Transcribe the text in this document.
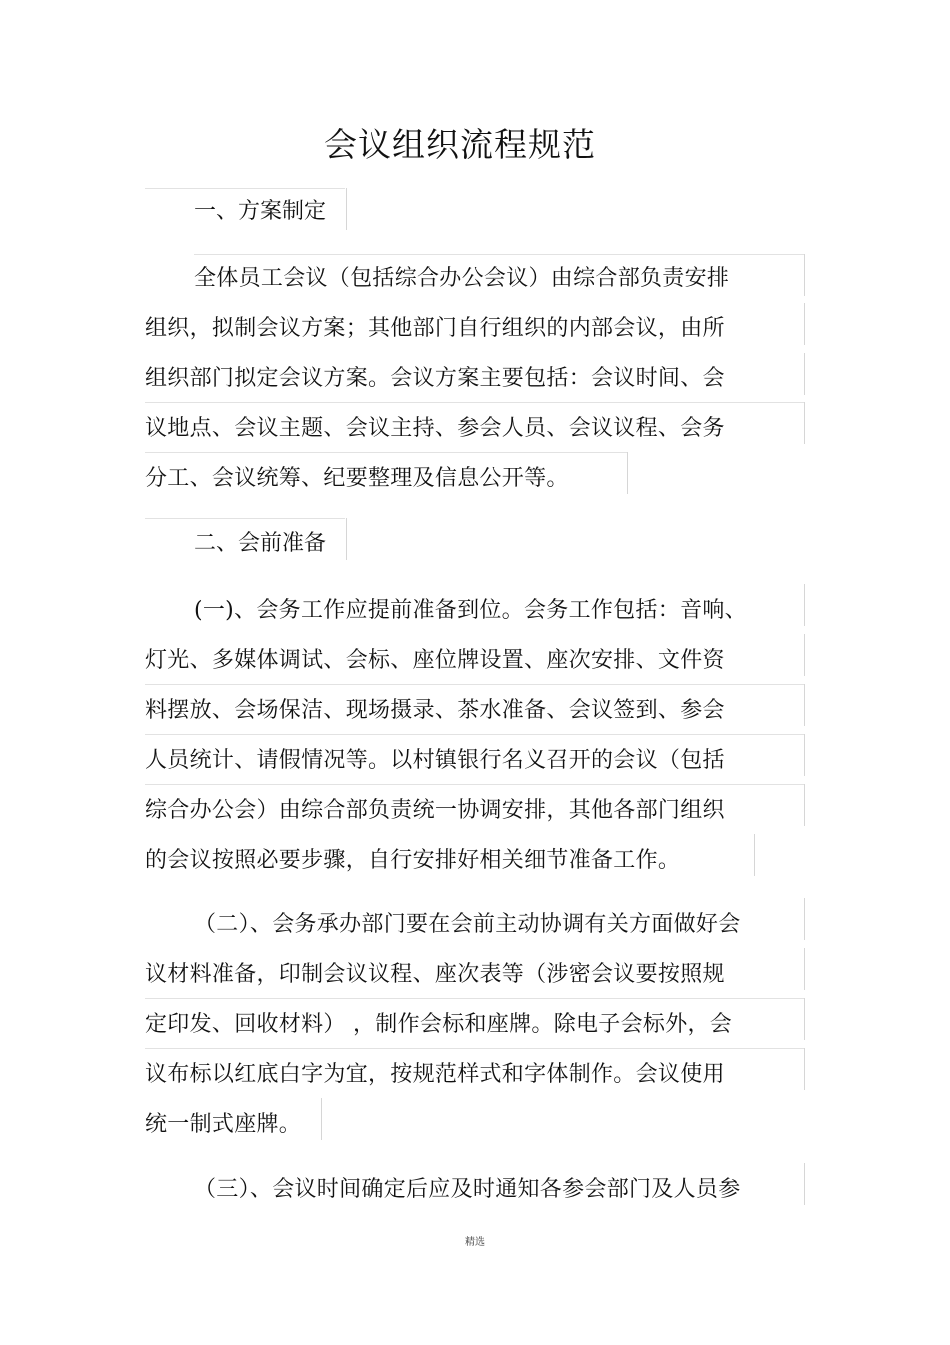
会议组织流程规范
一、方案制定
全体员工会议（包括综合办公会议）由综合部负责安排
组织，拟制会议方案；其他部门自行组织的内部会议，由所
组织部门拟定会议方案。会议方案主要包括：会议时间、会
议地点、会议主题、会议主持、参会人员、会议议程、会务
分工、会议统筹、纪要整理及信息公开等。
二、会前准备
(一)、会务工作应提前准备到位。会务工作包括：音响、
灯光、多媒体调试、会标、座位牌设置、座次安排、文件资
料摆放、会场保洁、现场摄录、茶水准备、会议签到、参会
人员统计、请假情况等。以村镇银行名义召开的会议（包括
综合办公会）由综合部负责统一协调安排，其他各部门组织
的会议按照必要步骤，自行安排好相关细节准备工作。
（二）、会务承办部门要在会前主动协调有关方面做好会
议材料准备，印制会议议程、座次表等（涉密会议要按照规
定印发、回收材料） ，制作会标和座牌。除电子会标外，会
议布标以红底白字为宜，按规范样式和字体制作。会议使用
统一制式座牌。
（三）、会议时间确定后应及时通知各参会部门及人员参
精选
